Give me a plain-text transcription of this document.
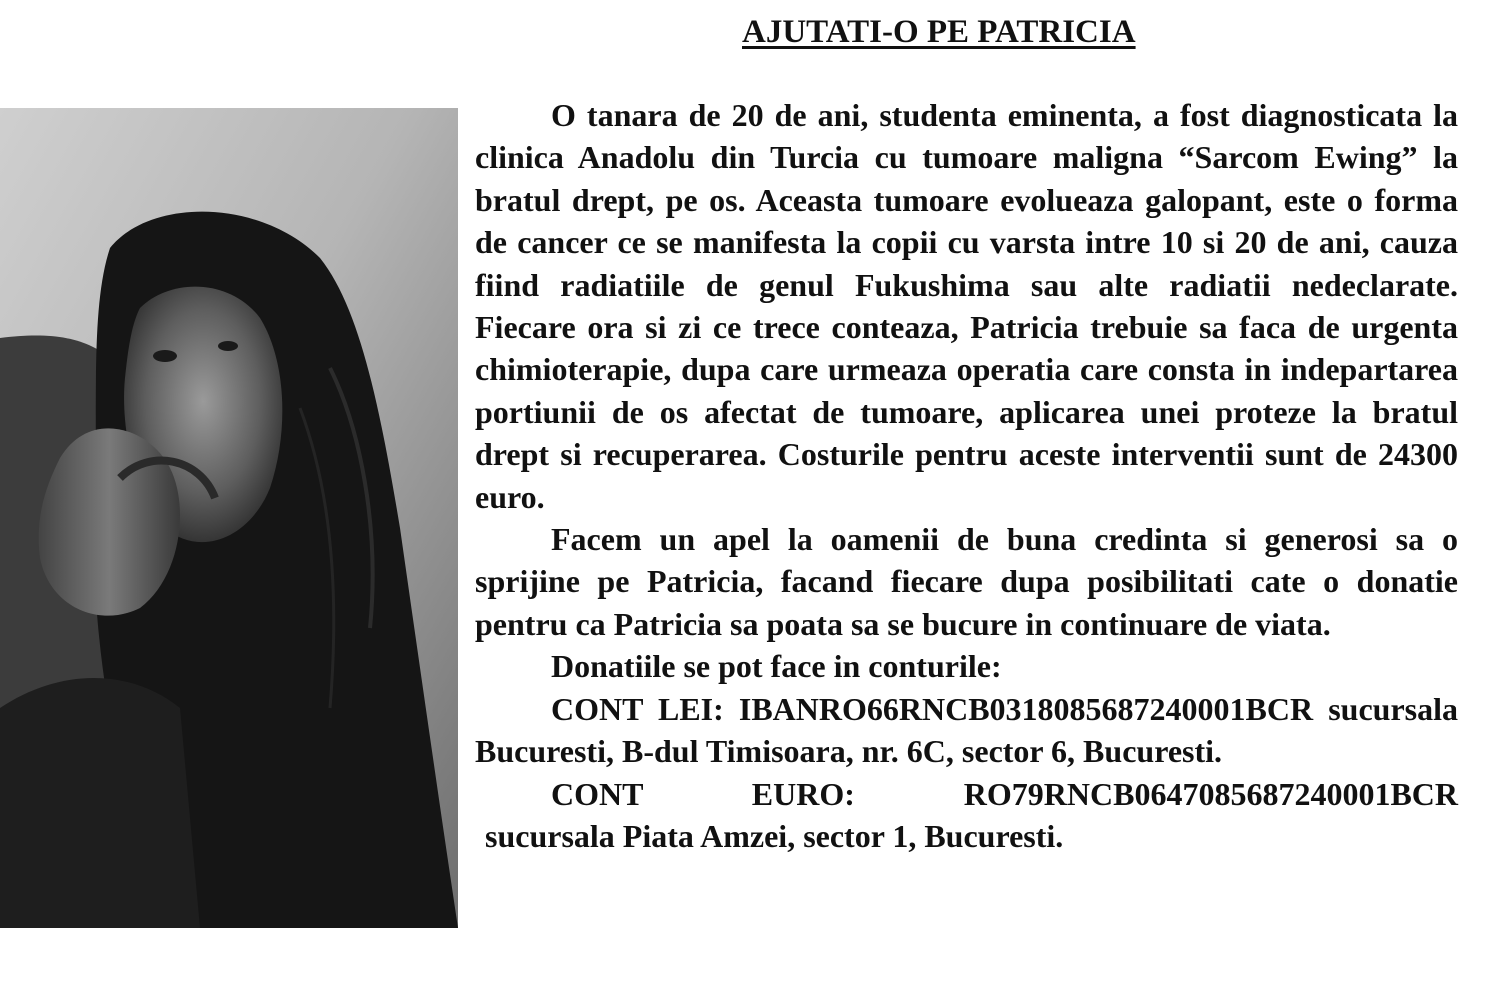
AJUTATI-O PE PATRICIA

O tanara de 20 de ani, studenta eminenta, a fost diagnosticata la clinica Anadolu din Turcia cu tumoare maligna “Sarcom Ewing” la bratul drept, pe os. Aceasta tumoare evolueaza galopant, este o forma de cancer ce se manifesta la copii cu varsta intre 10 si 20 de ani, cauza fiind radiatiile de genul Fukushima sau alte radiatii nedeclarate. Fiecare ora si zi ce trece conteaza, Patricia trebuie sa faca de urgenta chimioterapie, dupa care urmeaza operatia care consta in indepartarea portiunii de os afectat de tumoare, aplicarea unei proteze la bratul drept si recuperarea. Costurile pentru aceste interventii sunt de 24300 euro.

Facem un apel la oamenii de buna credinta si generosi sa o sprijine pe Patricia, facand fiecare dupa posibilitati cate o donatie pentru ca Patricia sa poata sa se bucure in continuare de viata.

Donatiile se pot face in conturile:

CONT LEI: IBANRO66RNCB0318085687240001BCR sucursala Bucuresti, B-dul Timisoara, nr. 6C, sector 6, Bucuresti.

CONT EURO: RO79RNCB0647085687240001BCR

sucursala Piata Amzei, sector 1, Bucuresti.
